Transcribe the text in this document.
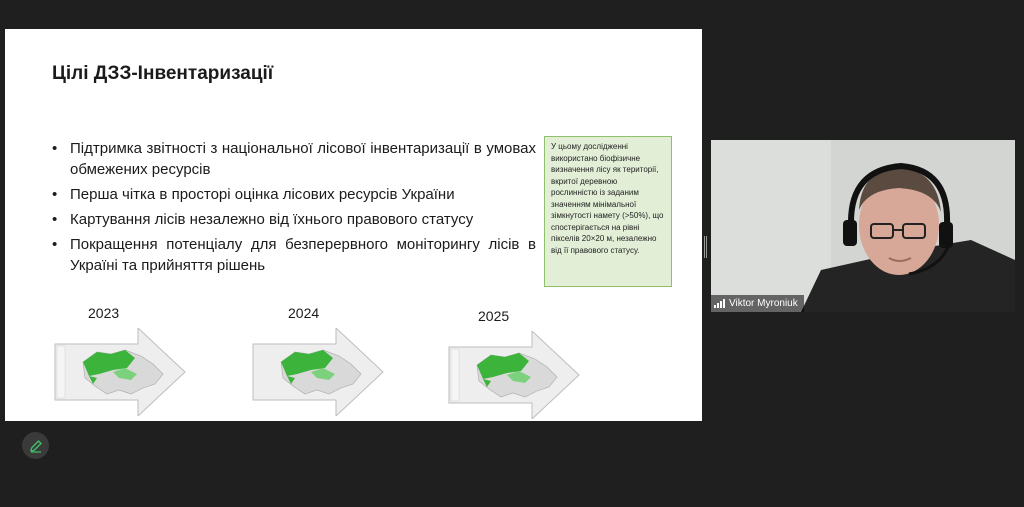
Цілі ДЗЗ-Інвентаризації
• Підтримка звітності з національної лісової інвентаризації в умовах обмежених ресурсів
• Перша чітка в просторі оцінка лісових ресурсів України
• Картування лісів незалежно від їхнього правового статусу
• Покращення потенціалу для безперервного моніторингу лісів в Україні та прийняття рішень
У цьому дослідженні використано біофізичне визначення лісу як території, вкритої деревною рослинністю із заданим значенням мінімальної зімкнутості намету (>50%), що спостерігається на рівні пікселів 20×20 м, незалежно від її правового статусу.
2023	2024	2025
Viktor Myroniuk
